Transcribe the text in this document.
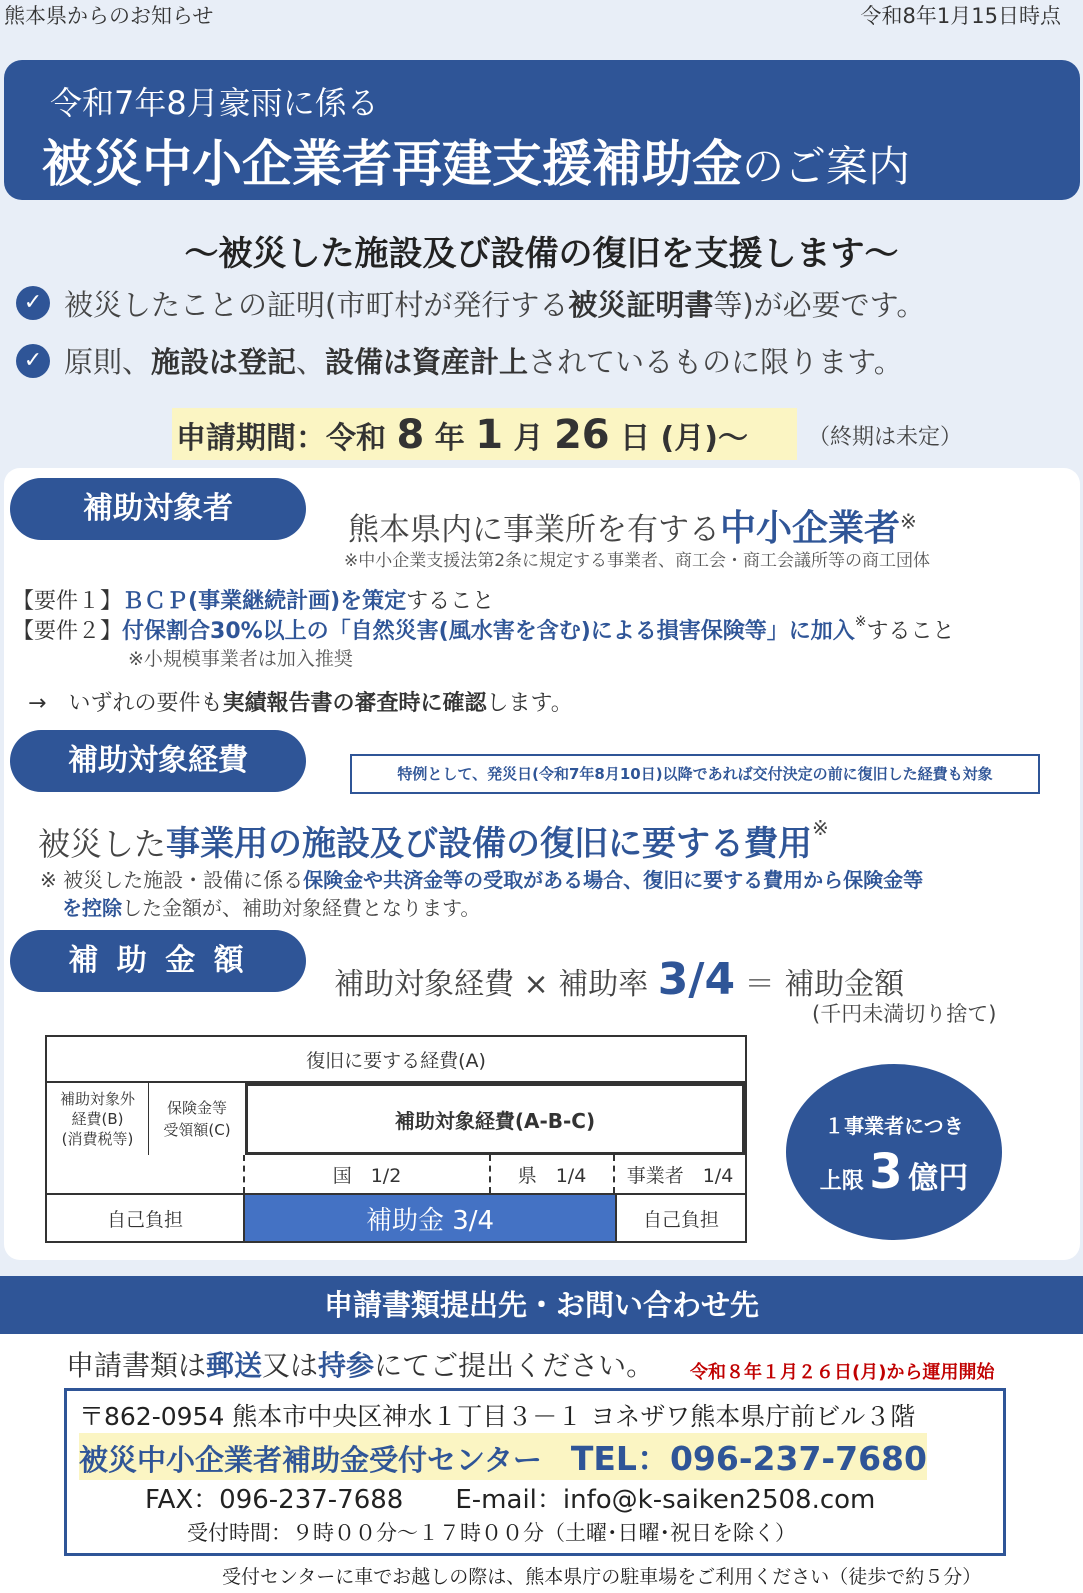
熊本県からのお知らせ	令和8年1月15日時点
令和7年8月豪雨に係る
被災中小企業者再建支援補助金のご案内
～被災した施設及び設備の復旧を支援します～
✓ 被災したことの証明(市町村が発行する被災証明書等)が必要です。
✓ 原則、施設は登記、設備は資産計上されているものに限ります。
申請期間：令和 8 年 1 月 26 日 (月)～	（終期は未定）
補助対象者
熊本県内に事業所を有する中小企業者※
※中小企業支援法第2条に規定する事業者、商工会・商工会議所等の商工団体
【要件１】ＢＣＰ(事業継続計画)を策定すること
【要件２】付保割合30%以上の「自然災害(風水害を含む)による損害保険等」に加入※すること
※小規模事業者は加入推奨
→　 いずれの要件も実績報告書の審査時に確認します。
補助対象経費	特例として、発災日(令和7年8月10日)以降であれば交付決定の前に復旧した経費も対象
被災した事業用の施設及び設備の復旧に要する費用※
※ 被災した施設・設備に係る保険金や共済金等の受取がある場合、復旧に要する費用から保険金等
を控除した金額が、補助対象経費となります。
補 助 金 額
補助対象経費 × 補助率 3/4 ＝ 補助金額
(千円未満切り捨て)
復旧に要する経費(A)
補助対象外
経費(B)
(消費税等)
保険金等
受領額(C)	補助対象経費(A-B-C)
国　1/2	県　1/4	事業者　1/4
自己負担	補助金 3/4	自己負担
１事業者につき
上限 3 億円
申請書類提出先・お問い合わせ先
申請書類は郵送又は持参にてご提出ください。 令和８年１月２６日(月)から運用開始
〒862-0954 熊本市中央区神水１丁目３－１ ヨネザワ熊本県庁前ビル３階
被災中小企業者補助金受付センター　 TEL：096-237-7680
FAX：096-237-7688　　 E-mail：info@k-saiken2508.com
受付時間：９時００分～１７時００分（土曜･日曜･祝日を除く）
受付センターに車でお越しの際は、熊本県庁の駐車場をご利用ください（徒歩で約５分）
